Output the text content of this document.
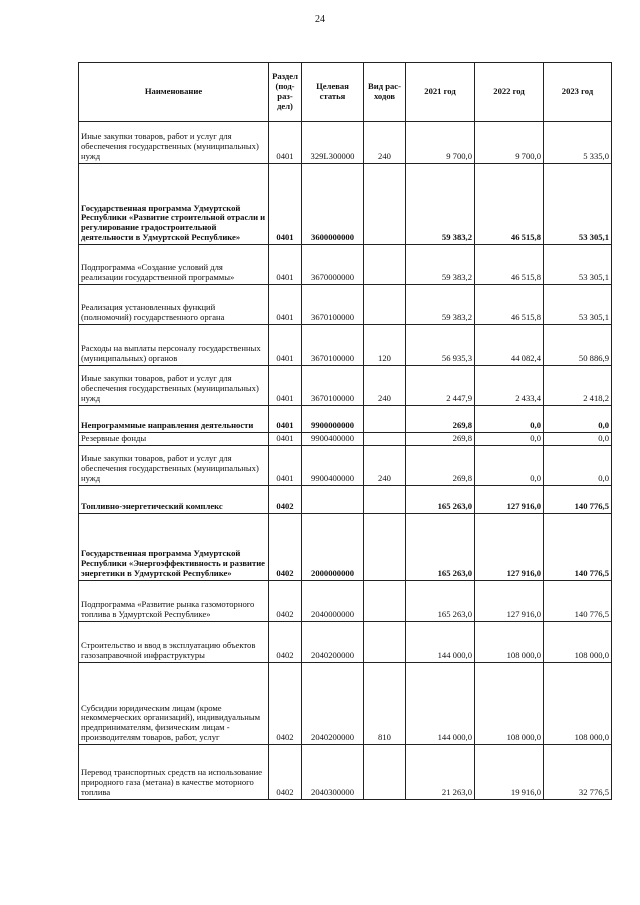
24
Наименование	Раздел (под- раз- дел)	Целевая статья	Вид рас- ходов	2021 год	2022 год	2023 год
Иные закупки товаров, работ и услуг для обеспечения государственных (муниципальных) нужд	0401	329L300000	240	9 700,0	9 700,0	5 335,0
Государственная программа Удмуртской Республики «Развитие строительной отрасли и регулирование градостроительной деятельности в Удмуртской Республике»	0401	3600000000		59 383,2	46 515,8	53 305,1
Подпрограмма «Создание условий для реализации государственной программы»	0401	3670000000		59 383,2	46 515,8	53 305,1
Реализация установленных функций (полномочий) государственного органа	0401	3670100000		59 383,2	46 515,8	53 305,1
Расходы на выплаты персоналу государственных (муниципальных) органов	0401	3670100000	120	56 935,3	44 082,4	50 886,9
Иные закупки товаров, работ и услуг для обеспечения государственных (муниципальных) нужд	0401	3670100000	240	2 447,9	2 433,4	2 418,2
Непрограммные направления деятельности	0401	9900000000		269,8	0,0	0,0
Резервные фонды	0401	9900400000		269,8	0,0	0,0
Иные закупки товаров, работ и услуг для обеспечения государственных (муниципальных) нужд	0401	9900400000	240	269,8	0,0	0,0
Топливно-энергетический комплекс	0402			165 263,0	127 916,0	140 776,5
Государственная программа Удмуртской Республики «Энергоэффективность и развитие энергетики в Удмуртской Республике»	0402	2000000000		165 263,0	127 916,0	140 776,5
Подпрограмма «Развитие рынка газомоторного топлива в Удмуртской Республике»	0402	2040000000		165 263,0	127 916,0	140 776,5
Строительство и ввод в эксплуатацию объектов газозаправочной инфраструктуры	0402	2040200000		144 000,0	108 000,0	108 000,0
Субсидии юридическим лицам (кроме некоммерческих организаций), индивидуальным предпринимателям, физическим лицам - производителям товаров, работ, услуг	0402	2040200000	810	144 000,0	108 000,0	108 000,0
Перевод транспортных средств на использование природного газа (метана) в качестве моторного топлива	0402	2040300000		21 263,0	19 916,0	32 776,5
